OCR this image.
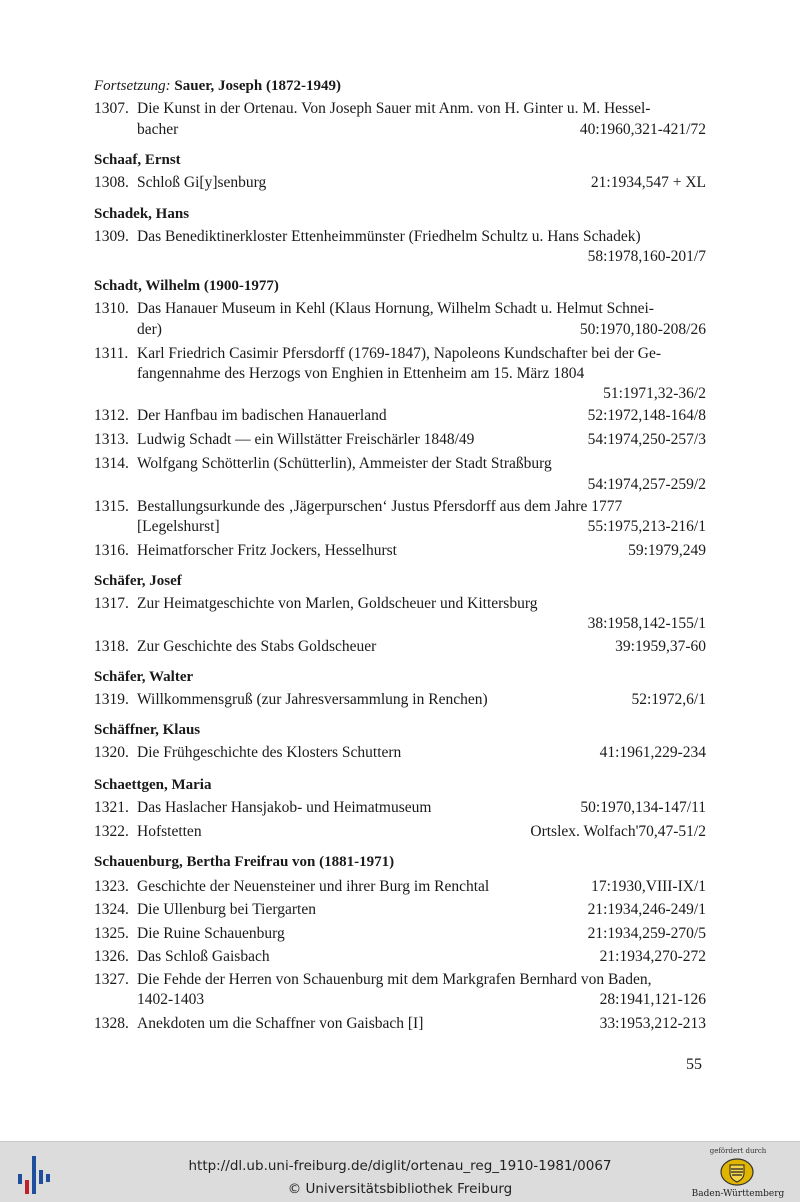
Fortsetzung: Sauer, Joseph (1872-1949)
1307. Die Kunst in der Ortenau. Von Joseph Sauer mit Anm. von H. Ginter u. M. Hessel-
bacher	40:1960,321-421/72
Schaaf, Ernst
1308. Schloß Gi[y]senburg	21:1934,547 + XL
Schadek, Hans
1309. Das Benediktinerkloster Ettenheimmünster (Friedhelm Schultz u. Hans Schadek)
58:1978,160-201/7
Schadt, Wilhelm (1900-1977)
1310. Das Hanauer Museum in Kehl (Klaus Hornung, Wilhelm Schadt u. Helmut Schnei-
der)	50:1970,180-208/26
1311. Karl Friedrich Casimir Pfersdorff (1769-1847), Napoleons Kundschafter bei der Ge-
fangennahme des Herzogs von Enghien in Ettenheim am 15. März 1804
51:1971,32-36/2
1312. Der Hanfbau im badischen Hanauerland	52:1972,148-164/8
1313. Ludwig Schadt — ein Willstätter Freischärler 1848/49	54:1974,250-257/3
1314. Wolfgang Schötterlin (Schütterlin), Ammeister der Stadt Straßburg
54:1974,257-259/2
1315. Bestallungsurkunde des ‚Jägerpurschen‘ Justus Pfersdorff aus dem Jahre 1777
[Legelshurst]	55:1975,213-216/1
1316. Heimatforscher Fritz Jockers, Hesselhurst	59:1979,249
Schäfer, Josef
1317. Zur Heimatgeschichte von Marlen, Goldscheuer und Kittersburg
38:1958,142-155/1
1318. Zur Geschichte des Stabs Goldscheuer	39:1959,37-60
Schäfer, Walter
1319. Willkommensgruß (zur Jahresversammlung in Renchen)	52:1972,6/1
Schäffner, Klaus
1320. Die Frühgeschichte des Klosters Schuttern	41:1961,229-234
Schaettgen, Maria
1321. Das Haslacher Hansjakob- und Heimatmuseum	50:1970,134-147/11
1322. Hofstetten	Ortslex. Wolfach'70,47-51/2
Schauenburg, Bertha Freifrau von (1881-1971)
1323. Geschichte der Neuensteiner und ihrer Burg im Renchtal	17:1930,VIII-IX/1
1324. Die Ullenburg bei Tiergarten	21:1934,246-249/1
1325. Die Ruine Schauenburg	21:1934,259-270/5
1326. Das Schloß Gaisbach	21:1934,270-272
1327. Die Fehde der Herren von Schauenburg mit dem Markgrafen Bernhard von Baden,
1402-1403	28:1941,121-126
1328. Anekdoten um die Schaffner von Gaisbach [I]	33:1953,212-213
55
http://dl.ub.uni-freiburg.de/diglit/ortenau_reg_1910-1981/0067
© Universitätsbibliothek Freiburg
gefördert durch
Baden-Württemberg
